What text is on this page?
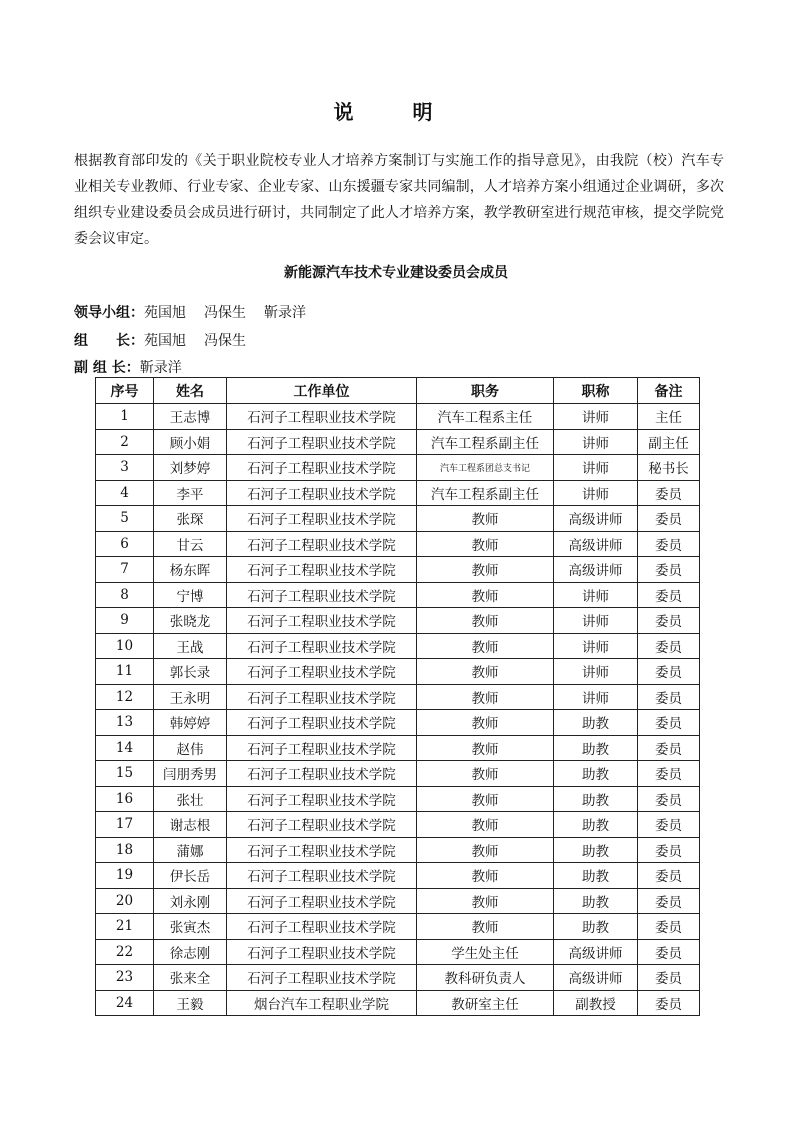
说 明

根据教育部印发的《关于职业院校专业人才培养方案制订与实施工作的指导意见》，由我院（校）汽车专业相关专业教师、行业专家、企业专家、山东援疆专家共同编制，人才培养方案小组通过企业调研，多次组织专业建设委员会成员进行研讨，共同制定了此人才培养方案，教学教研室进行规范审核，提交学院党委会议审定。

新能源汽车技术专业建设委员会成员
领导小组：苑国旭 冯保生 靳录洋
组　　长：苑国旭 冯保生
副 组 长：靳录洋
序号	姓名	工作单位	职务	职称	备注
1	王志博	石河子工程职业技术学院	汽车工程系主任	讲师	主任
2	顾小娟	石河子工程职业技术学院	汽车工程系副主任	讲师	副主任
3	刘梦婷	石河子工程职业技术学院	汽车工程系团总支书记	讲师	秘书长
4	李平	石河子工程职业技术学院	汽车工程系副主任	讲师	委员
5	张琛	石河子工程职业技术学院	教师	高级讲师	委员
6	甘云	石河子工程职业技术学院	教师	高级讲师	委员
7	杨东晖	石河子工程职业技术学院	教师	高级讲师	委员
8	宁博	石河子工程职业技术学院	教师	讲师	委员
9	张晓龙	石河子工程职业技术学院	教师	讲师	委员
10	王战	石河子工程职业技术学院	教师	讲师	委员
11	郭长录	石河子工程职业技术学院	教师	讲师	委员
12	王永明	石河子工程职业技术学院	教师	讲师	委员
13	韩婷婷	石河子工程职业技术学院	教师	助教	委员
14	赵伟	石河子工程职业技术学院	教师	助教	委员
15	闫朋秀男	石河子工程职业技术学院	教师	助教	委员
16	张壮	石河子工程职业技术学院	教师	助教	委员
17	谢志根	石河子工程职业技术学院	教师	助教	委员
18	蒲娜	石河子工程职业技术学院	教师	助教	委员
19	伊长岳	石河子工程职业技术学院	教师	助教	委员
20	刘永刚	石河子工程职业技术学院	教师	助教	委员
21	张寅杰	石河子工程职业技术学院	教师	助教	委员
22	徐志刚	石河子工程职业技术学院	学生处主任	高级讲师	委员
23	张来全	石河子工程职业技术学院	教科研负责人	高级讲师	委员
24	王毅	烟台汽车工程职业学院	教研室主任	副教授	委员
